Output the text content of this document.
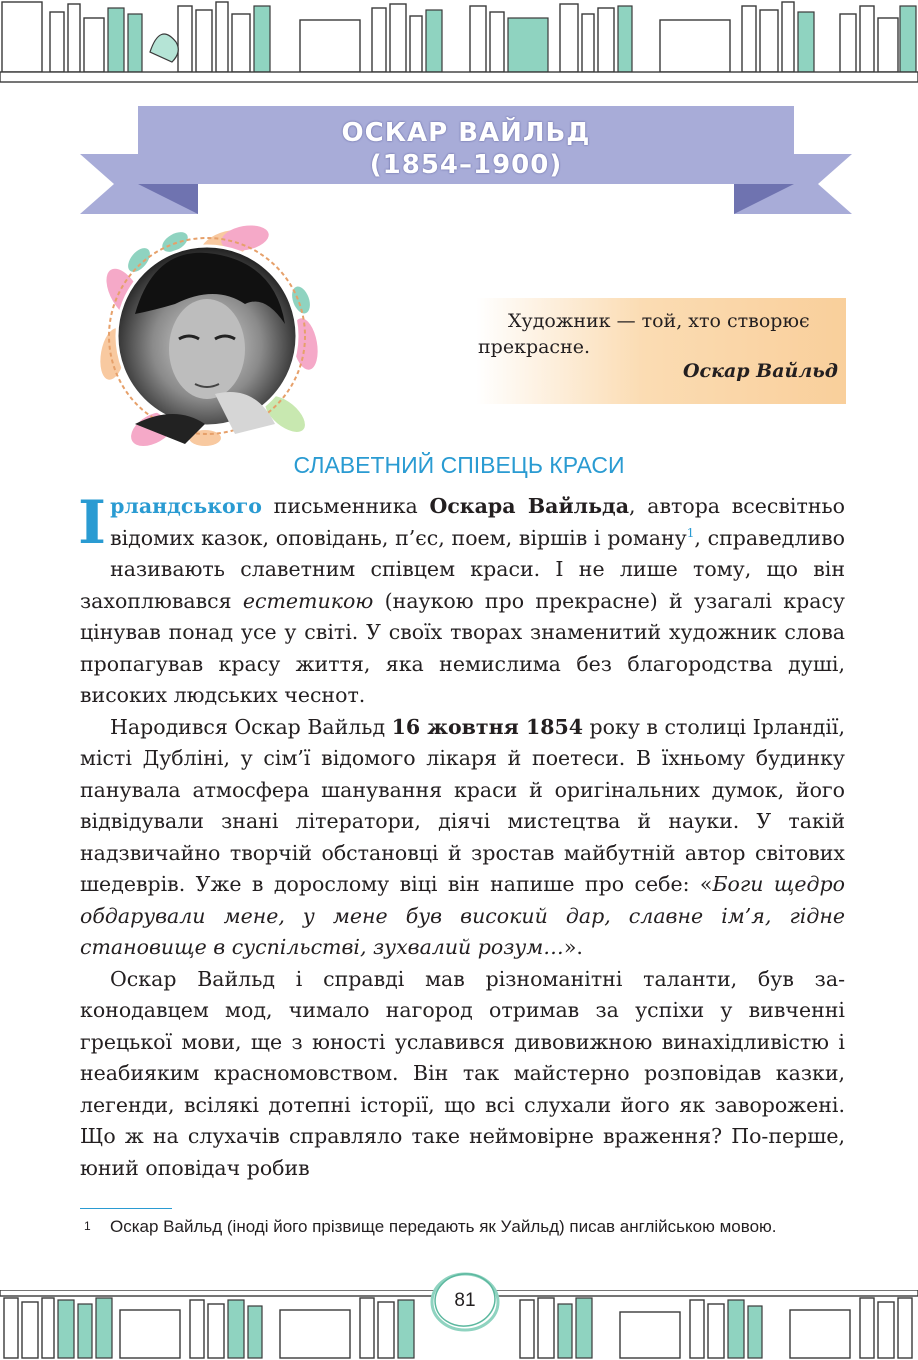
ОСКАР ВАЙЛЬД
(1854–1900)
Художник — той, хто створює прекрасне.
Оскар Вайльд
СЛАВЕТНИЙ СПІВЕЦЬ КРАСИ

Ірландського письменника Оскара Вайльда, автора всесвітньо відомих казок, оповідань, п’єс, поем, віршів і роману$^1$, справедливо називають славетним співцем краси. І не лише тому, що він захоплювався естетикою (наукою про прекрасне) й узагалі красу цінував понад усе у світі. У своїх творах знаменитий художник слова пропагував красу життя, яка немислима без благородства душі, високих людських чеснот.

Народився Оскар Вайльд 16 жовтня 1854 року в столиці Ірландії, місті Дубліні, у сім’ї відомого лікаря й поетеси. В їхньому будинку панувала атмосфера шанування краси й оригінальних думок, його відвідували знані літератори, діячі мистецтва й науки. У такій надзвичайно творчій обстановці й зростав майбутній автор світових шедеврів. Уже в дорослому віці він напише про себе: «Боги щедро обдарували мене, у мене був високий дар, славне ім’я, гідне становище в суспільстві, зухвалий розум…».

Оскар Вайльд і справді мав різноманітні таланти, був законодавцем мод, чимало нагород отримав за успіхи у вивченні грецької мови, ще з юності уславився дивовижною винахідливістю і неабияким красномовством. Він так майстерно розповідав казки, легенди, всілякі дотепні історії, що всі слухали його як заворожені. Що ж на слухачів справляло таке неймовірне враження? По-перше, юний оповідач робив

1 Оскар Вайльд (іноді його прізвище передають як Уайльд) писав англійською мовою.
81
